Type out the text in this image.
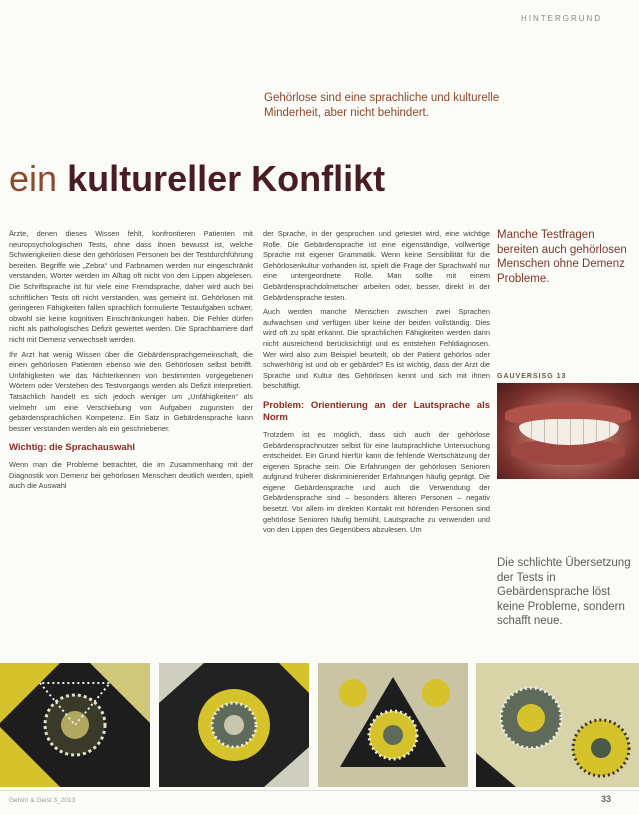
HINTERGRUND
Gehörlose sind eine sprachliche und kulturelle Minderheit, aber nicht behindert.
ein kultureller Konflikt

Ärzte, denen dieses Wissen fehlt, konfrontieren Patienten mit neuropsychologischen Tests, ohne dass ihnen bewusst ist, welche Schwierigkeiten diese den gehörlosen Personen bei der Testdurchführung bereiten. Begriffe wie „Zebra“ und Farbnamen werden nur eingeschränkt verstanden, Wörter werden im Alltag oft nicht von den Lippen abgelesen. Die Schriftsprache ist für viele eine Fremdsprache, daher wird auch bei schriftlichen Tests oft nicht verstanden, was gemeint ist. Gehörlosen mit geringeren Fähigkeiten fallen sprachlich formulierte Testaufgaben schwer, obwohl sie keine kognitiven Einschränkungen haben. Die Fehler dürfen nicht als pathologisches Defizit gewertet werden. Die Sprachbarriere darf nicht mit Demenz verwechselt werden.

Ihr Arzt hat wenig Wissen über die Gebärdensprachgemeinschaft, die einen gehörlosen Patienten ebenso wie den Gehörlosen selbst betrifft. Unfähigkeiten wie das Nichterkennen von bestimmten vorgegebenen Wörtern oder Verstehen des Testvorgangs werden als Defizit interpretiert. Tatsächlich handelt es sich jedoch weniger um „Unfähigkeiten“ als vielmehr um eine Verschiebung von Aufgaben zugunsten der gebärdensprachlichen Kompetenz. Ein Satz in Gebärdensprache kann besser verstanden werden als ein geschriebener.

Wichtig: die Sprachauswahl

Wenn man die Probleme betrachtet, die im Zusammenhang mit der Diagnostik von Demenz bei gehörlosen Menschen deutlich werden, spielt auch die Auswahl

der Sprache, in der gesprochen und getestet wird, eine wichtige Rolle. Die Gebärdensprache ist eine eigenständige, vollwertige Sprache mit eigener Grammatik. Wenn keine Sensibilität für die Gehörlosenkultur vorhanden ist, spielt die Frage der Sprachwahl nur eine untergeordnete Rolle. Man sollte mit einem Gebärdensprachdolmetscher arbeiten oder, besser, direkt in der Gebärdensprache testen.

Auch werden manche Menschen zwischen zwei Sprachen aufwachsen und verfügen über keine der beiden vollständig. Dies wird oft zu spät erkannt. Die sprachlichen Fähigkeiten werden dann nicht ausreichend berücksichtigt und es entstehen Fehldiagnosen. Wer wird also zum Beispiel beurteilt, ob der Patient gehörlos oder schwerhörig ist und ob er gebärdet? Es ist wichtig, dass der Arzt die Sprache und Kultur des Gehörlosen kennt und sich mit ihnen beschäftigt.

Problem: Orientierung an der Lautsprache als Norm

Trotzdem ist es möglich, dass sich auch der gehörlose Gebärdensprachnutzer selbst für eine lautsprachliche Untersuchung entscheidet. Ein Grund hierfür kann die fehlende Wertschätzung der eigenen Sprache sein. Die Erfahrungen der gehörlosen Senioren aufgrund früherer diskriminierender Erfahrungen häufig geprägt. Die eigene Gebärdensprache und auch die Verwendung der Gebärdensprache sind – besonders älteren Personen – negativ besetzt. Vor allem im direkten Kontakt mit hörenden Personen sind gehörlose Senioren häufig bemüht, Lautsprache zu verwenden und von den Lippen des Gegenübers abzulesen. Um

Manche Testfragen bereiten auch gehörlosen Menschen ohne Demenz Probleme.
GAUVERSISG 13
Die schlichte Übersetzung der Tests in Gebärdensprache löst keine Probleme, sondern schafft neue.
Gehirn & Geist 3_2013	33
